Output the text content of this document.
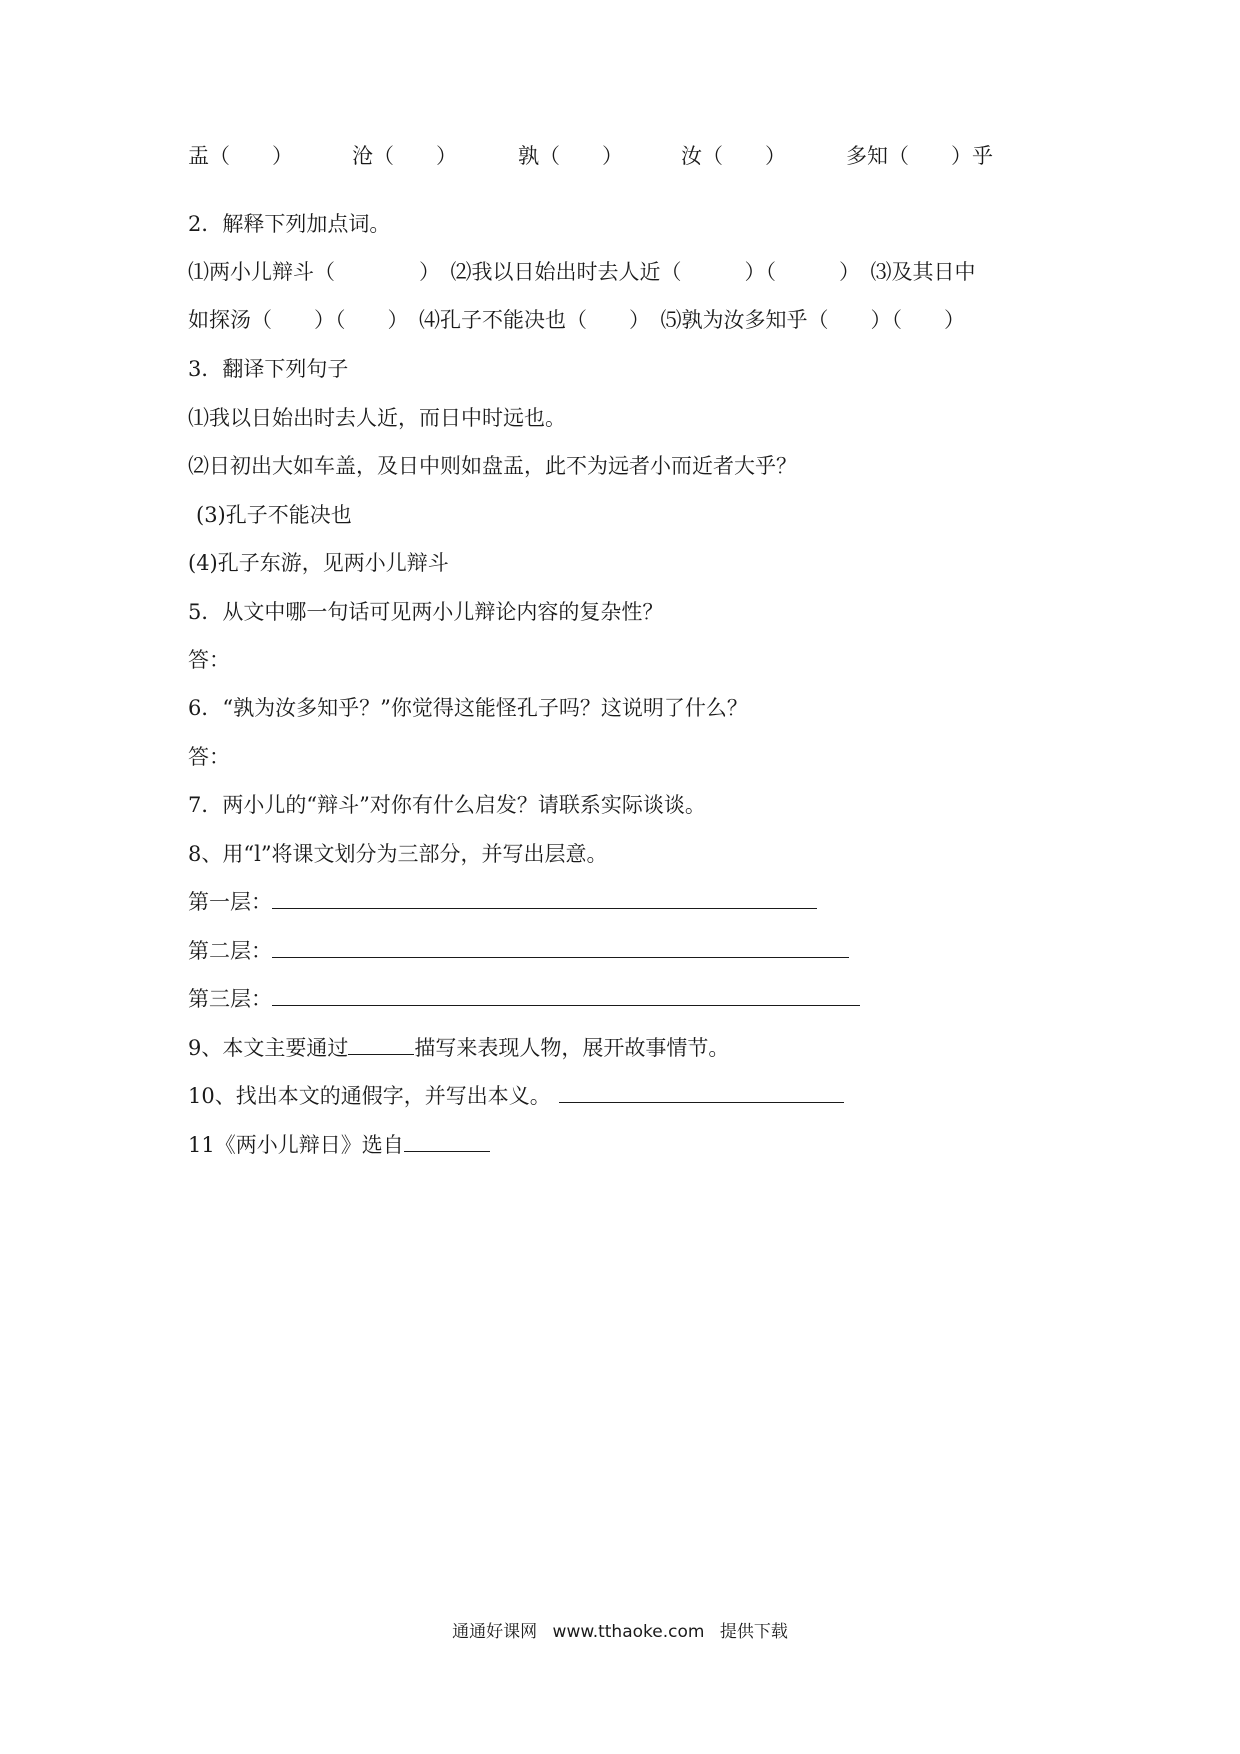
盂（　　）	沧（　　）	孰（　　）	汝（　　）	多知（　　）乎
2．解释下列加点词。
⑴两小儿辩斗（　　　　）　⑵我以日始出时去人近（　　　）（　　　）　⑶及其日中
如探汤（　　）（　　）　⑷孔子不能决也（　　）　⑸孰为汝多知乎（　　）（　　）
3．翻译下列句子
⑴我以日始出时去人近，而日中时远也。
⑵日初出大如车盖，及日中则如盘盂，此不为远者小而近者大乎？
(3)孔子不能决也
(4)孔子东游，见两小儿辩斗
5．从文中哪一句话可见两小儿辩论内容的复杂性？
答：
6．“孰为汝多知乎？”你觉得这能怪孔子吗？这说明了什么？
答：
7．两小儿的“辩斗”对你有什么启发？请联系实际谈谈。
8、用“l”将课文划分为三部分，并写出层意。
第一层：
第二层：
第三层：
9、本文主要通过	描写来表现人物，展开故事情节。
10、找出本文的通假字，并写出本义。
11《两小儿辩日》选自
通通好课网 www.tthaoke.com 提供下载
